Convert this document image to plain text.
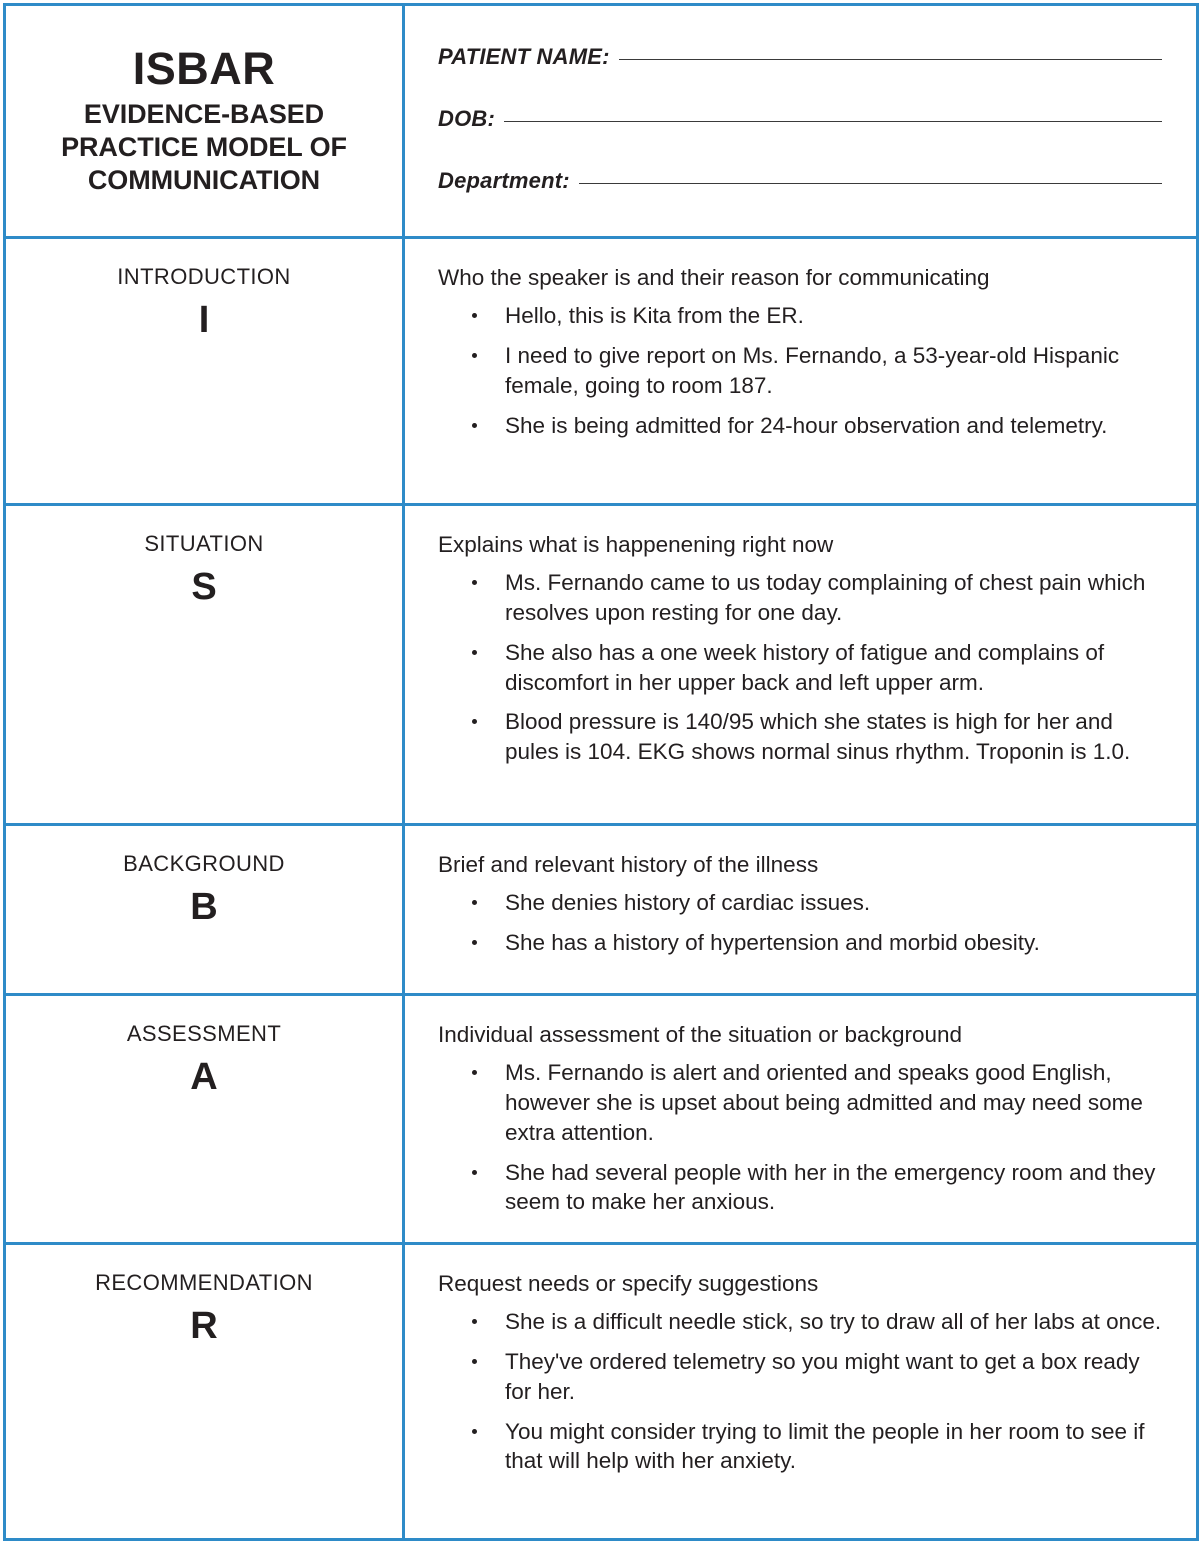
ISBAR
EVIDENCE-BASED PRACTICE MODEL OF COMMUNICATION
PATIENT NAME:
DOB:
Department:
INTRODUCTION
I

Who the speaker is and their reason for communicating

Hello, this is Kita from the ER.
I need to give report on Ms. Fernando, a 53-year-old Hispanic female, going to room 187.
She is being admitted for 24-hour observation and telemetry.
SITUATION
S

Explains what is happenening right now

Ms. Fernando came to us today complaining of chest pain which resolves upon resting for one day.
She also has a one week history of fatigue and complains of discomfort in her upper back and left upper arm.
Blood pressure is 140/95 which she states is high for her and pules is 104. EKG shows normal sinus rhythm. Troponin is 1.0.
BACKGROUND
B

Brief and relevant history of the illness

She denies history of cardiac issues.
She has a history of hypertension and morbid obesity.
ASSESSMENT
A

Individual assessment of the situation or background

Ms. Fernando is alert and oriented and speaks good English, however she is upset about being admitted and may need some extra attention.
She had several people with her in the emergency room and they seem to make her anxious.
RECOMMENDATION
R

Request needs or specify suggestions

She is a difficult needle stick, so try to draw all of her labs at once.
They've ordered telemetry so you might want to get a box ready for her.
You might consider trying to limit the people in her room to see if that will help with her anxiety.
